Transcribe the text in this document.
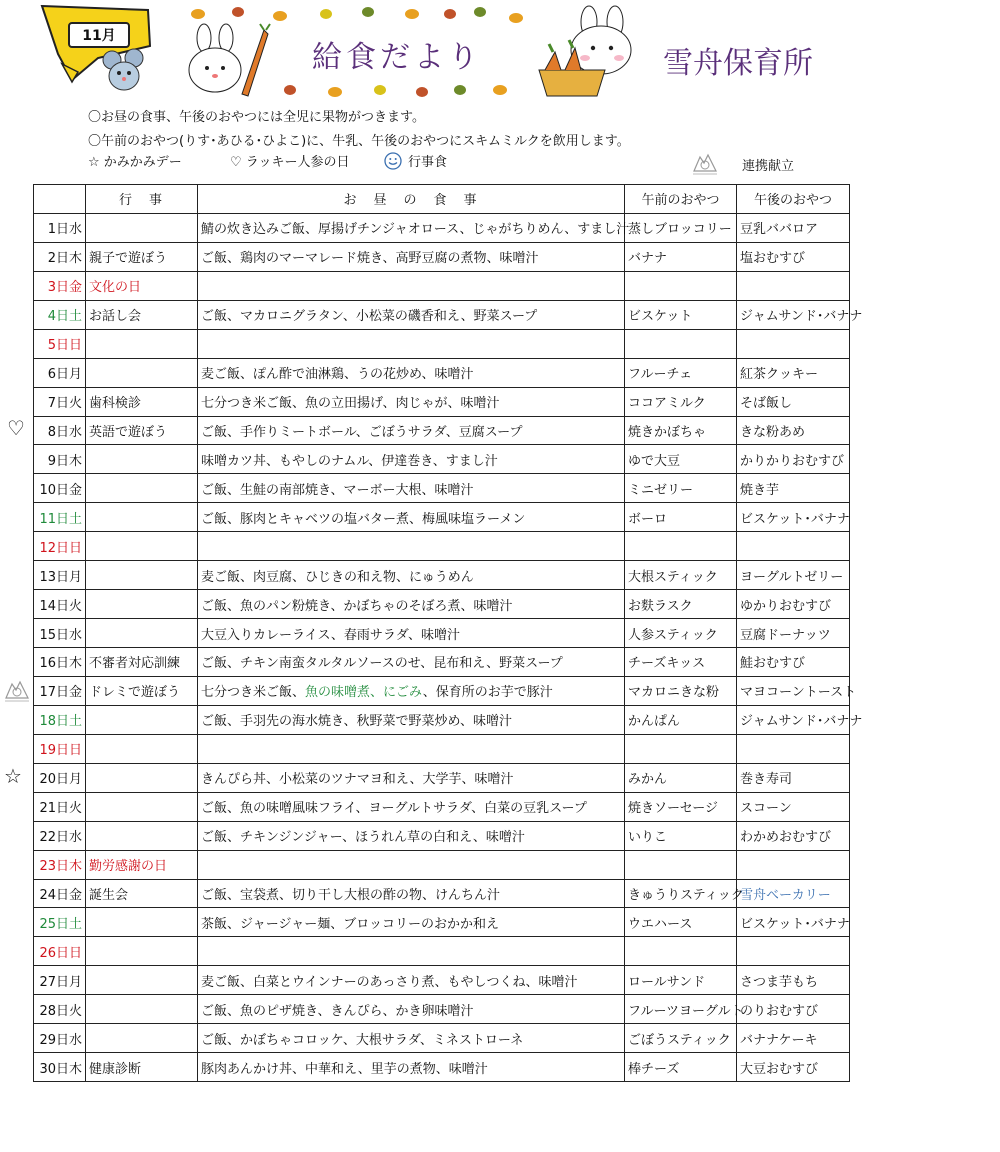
11月
給食だより	雪舟保育所
〇お昼の食事、午後のおやつには全児に果物がつきます。
〇午前のおやつ(りす･あひる･ひよこ)に、牛乳、午後のおやつにスキムミルクを飲用します。
☆ かみかみデー	♡ ラッキー人参の日	行事食	連携献立
♡
☆
	行　事	お　昼　の　食　事	午前のおやつ	午後のおやつ
1日水		鯖の炊き込みご飯、厚揚げチンジャオロース、じゃがちりめん、すまし汁	蒸しブロッコリー	豆乳ババロア
2日木	親子で遊ぼう	ご飯、鶏肉のマーマレード焼き、高野豆腐の煮物、味噌汁	バナナ	塩おむすび
3日金	文化の日			
4日土	お話し会	ご飯、マカロニグラタン、小松菜の磯香和え、野菜スープ	ビスケット	ジャムサンド･バナナ
5日日				
6日月		麦ご飯、ぽん酢で油淋鶏、うの花炒め、味噌汁	フルーチェ	紅茶クッキー
7日火	歯科検診	七分つき米ご飯、魚の立田揚げ、肉じゃが、味噌汁	ココアミルク	そば飯し
8日水	英語で遊ぼう	ご飯、手作りミートボール、ごぼうサラダ、豆腐スープ	焼きかぼちゃ	きな粉あめ
9日木		味噌カツ丼、もやしのナムル、伊達巻き、すまし汁	ゆで大豆	かりかりおむすび
10日金		ご飯、生鮭の南部焼き、マーボー大根、味噌汁	ミニゼリー	焼き芋
11日土		ご飯、豚肉とキャベツの塩バター煮、梅風味塩ラーメン	ボーロ	ビスケット･バナナ
12日日				
13日月		麦ご飯、肉豆腐、ひじきの和え物、にゅうめん	大根スティック	ヨーグルトゼリー
14日火		ご飯、魚のパン粉焼き、かぼちゃのそぼろ煮、味噌汁	お麩ラスク	ゆかりおむすび
15日水		大豆入りカレーライス、春雨サラダ、味噌汁	人参スティック	豆腐ドーナッツ
16日木	不審者対応訓練	ご飯、チキン南蛮タルタルソースのせ、昆布和え、野菜スープ	チーズキッス	鮭おむすび
17日金	ドレミで遊ぼう	七分つき米ご飯、魚の味噌煮、にごみ、保育所のお芋で豚汁	マカロニきな粉	マヨコーントースト
18日土		ご飯、手羽先の海水焼き、秋野菜で野菜炒め、味噌汁	かんぱん	ジャムサンド･バナナ
19日日				
20日月		きんぴら丼、小松菜のツナマヨ和え、大学芋、味噌汁	みかん	巻き寿司
21日火		ご飯、魚の味噌風味フライ、ヨーグルトサラダ、白菜の豆乳スープ	焼きソーセージ	スコーン
22日水		ご飯、チキンジンジャー、ほうれん草の白和え、味噌汁	いりこ	わかめおむすび
23日木	勤労感謝の日			
24日金	誕生会	ご飯、宝袋煮、切り干し大根の酢の物、けんちん汁	きゅうりスティック	雪舟ベーカリー
25日土		茶飯、ジャージャー麺、ブロッコリーのおかか和え	ウエハース	ビスケット･バナナ
26日日				
27日月		麦ご飯、白菜とウインナーのあっさり煮、もやしつくね、味噌汁	ロールサンド	さつま芋もち
28日火		ご飯、魚のピザ焼き、きんぴら、かき卵味噌汁	フルーツヨーグルト	のりおむすび
29日水		ご飯、かぼちゃコロッケ、大根サラダ、ミネストローネ	ごぼうスティック	バナナケーキ
30日木	健康診断	豚肉あんかけ丼、中華和え、里芋の煮物、味噌汁	棒チーズ	大豆おむすび
